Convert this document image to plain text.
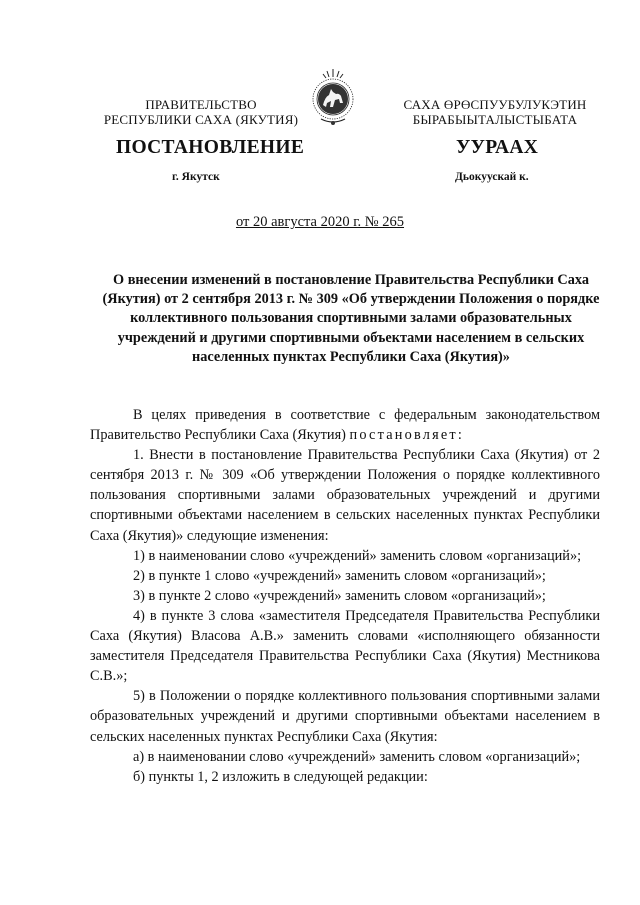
ПРАВИТЕЛЬСТВО
РЕСПУБЛИКИ САХА (ЯКУТИЯ)
САХА ӨРӨСПУУБУЛУКЭТИН
БЫРАБЫЫТАЛЫСТЫБАТА
ПОСТАНОВЛЕНИЕ	УУРААХ
г. Якутск	Дьокуускай к.
от 20 августа 2020 г. № 265
О внесении изменений в постановление Правительства Республики Саха (Якутия) от 2 сентября 2013 г. № 309 «Об утверждении Положения о порядке коллективного пользования спортивными залами образовательных учреждений и другими спортивными объектами населением в сельских населенных пунктах Республики Саха (Якутия)»

В целях приведения в соответствие с федеральным законодательством Правительство Республики Саха (Якутия) постановляет:

1. Внести в постановление Правительства Республики Саха (Якутия) от 2 сентября 2013 г. № 309 «Об утверждении Положения о порядке коллективного пользования спортивными залами образовательных учреждений и другими спортивными объектами населением в сельских населенных пунктах Республики Саха (Якутия)» следующие изменения:

1) в наименовании слово «учреждений» заменить словом «организаций»;

2) в пункте 1 слово «учреждений» заменить словом «организаций»;

3) в пункте 2 слово «учреждений» заменить словом «организаций»;

4) в пункте 3 слова «заместителя Председателя Правительства Республики Саха (Якутия) Власова А.В.» заменить словами «исполняющего обязанности заместителя Председателя Правительства Республики Саха (Якутия) Местникова С.В.»;

5) в Положении о порядке коллективного пользования спортивными залами образовательных учреждений и другими спортивными объектами населением в сельских населенных пунктах Республики Саха (Якутия:

а) в наименовании слово «учреждений» заменить словом «организаций»;

б) пункты 1, 2 изложить в следующей редакции:
